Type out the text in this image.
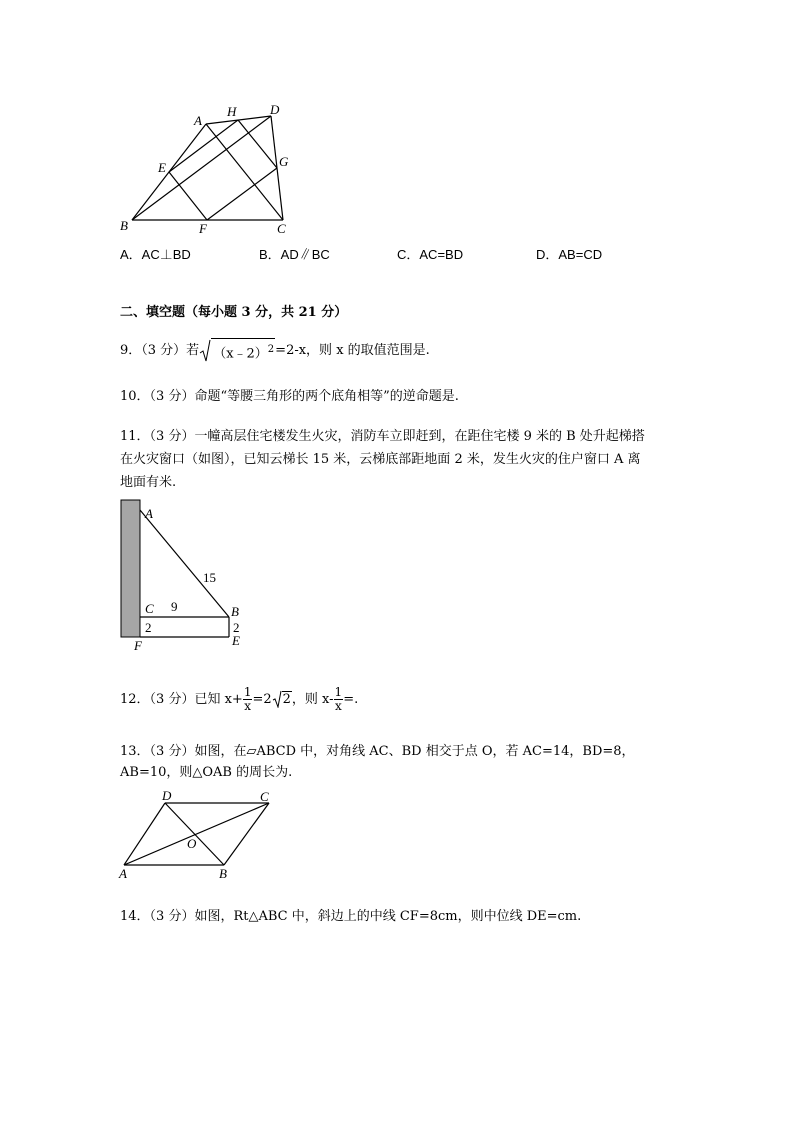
A
H	D
E	G
B	F	C
A．AC⊥BD	B．AD∥BC	C．AC=BD	D．AB=CD
二、填空题（每小题 3 分，共 21 分）
9．（3 分）若 （x﹣2）$^2$=2-x，则 x 的取值范围是.
10．（3 分）命题“等腰三角形的两个底角相等”的逆命题是.
11．（3 分）一幢高层住宅楼发生火灾，消防车立即赶到，在距住宅楼 9 米的 B 处升起梯搭
在火灾窗口（如图），已知云梯长 15 米，云梯底部距地面 2 米，发生火灾的住户窗口 A 离
地面有米.
A
15
C 9	B
2	2
F	E
12．（3 分）已知 $x+ \frac{1}{x} =2$ 2，则 $x- \frac{1}{x}$ =.
13．（3 分）如图，在▱ABCD 中，对角线 AC、BD 相交于点 O，若 AC=14，BD=8，
AB=10，则△OAB 的周长为.
D	C
O
A	B
14．（3 分）如图，Rt△ABC 中，斜边上的中线 CF=8cm，则中位线 DE=cm.
